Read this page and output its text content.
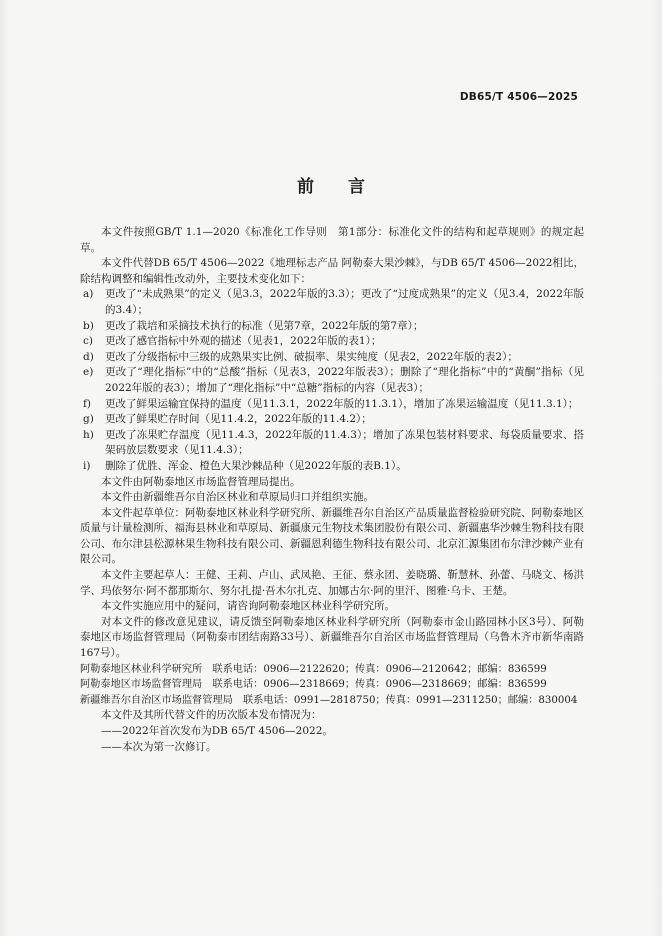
DB65/T 4506—2025
前 言

本文件按照GB/T 1.1—2020《标准化工作导则　第1部分：标准化文件的结构和起草规则》的规定起草。

本文件代替DB 65/T 4506—2022《地理标志产品 阿勒泰大果沙棘》，与DB 65/T 4506—2022相比，除结构调整和编辑性改动外，主要技术变化如下：

a)	更改了“未成熟果”的定义（见3.3，2022年版的3.3）；更改了“过度成熟果”的定义（见3.4，2022年版的3.4）；
b)	更改了栽培和采摘技术执行的标准（见第7章，2022年版的第7章）；
c)	更改了感官指标中外观的描述（见表1，2022年版的表1）；
d)	更改了分级指标中三级的成熟果实比例、破损率、果实纯度（见表2，2022年版的表2）；
e)	更改了“理化指标”中的“总酸”指标（见表3，2022年版表3）；删除了“理化指标”中的“黄酮”指标（见2022年版的表3）；增加了“理化指标”中“总糖”指标的内容（见表3）；
f)	更改了鲜果运输宜保持的温度（见11.3.1，2022年版的11.3.1），增加了冻果运输温度（见11.3.1）；
g)	更改了鲜果贮存时间（见11.4.2，2022年版的11.4.2）；
h)	更改了冻果贮存温度（见11.4.3，2022年版的11.4.3）；增加了冻果包装材料要求、每袋质量要求、搭架码放层数要求（见11.4.3）；
i)	删除了优胜、浑金、橙色大果沙棘品种（见2022年版的表B.1）。

本文件由阿勒泰地区市场监督管理局提出。

本文件由新疆维吾尔自治区林业和草原局归口并组织实施。

本文件起草单位：阿勒泰地区林业科学研究所、新疆维吾尔自治区产品质量监督检验研究院、阿勒泰地区质量与计量检测所、福海县林业和草原局、新疆康元生物技术集团股份有限公司、新疆惠华沙棘生物科技有限公司、布尔津县松源林果生物科技有限公司、新疆恩利德生物科技有限公司、北京汇源集团布尔津沙棘产业有限公司。

本文件主要起草人：王健、王莉、卢山、武凤艳、王征、蔡永团、姜晓璐、靳慧林、孙蕾、马晓文、杨洪学、玛依努尔·阿不都那斯尔、努尔扎提·吾木尔扎克、加娜古尔·阿的里汗、图雅·乌卡、王楚。

本文件实施应用中的疑问，请咨询阿勒泰地区林业科学研究所。

对本文件的修改意见建议，请反馈至阿勒泰地区林业科学研究所（阿勒泰市金山路园林小区3号）、阿勒泰地区市场监督管理局（阿勒泰市团结南路33号）、新疆维吾尔自治区市场监督管理局（乌鲁木齐市新华南路167号）。

阿勒泰地区林业科学研究所　联系电话：0906—2122620；传真：0906—2120642；邮编：836599

阿勒泰地区市场监督管理局　联系电话：0906—2318669；传真：0906—2318669；邮编：836599

新疆维吾尔自治区市场监督管理局　联系电话：0991—2818750；传真：0991—2311250；邮编：830004

本文件及其所代替文件的历次版本发布情况为：

——2022年首次发布为DB 65/T 4506—2022。

——本次为第一次修订。
